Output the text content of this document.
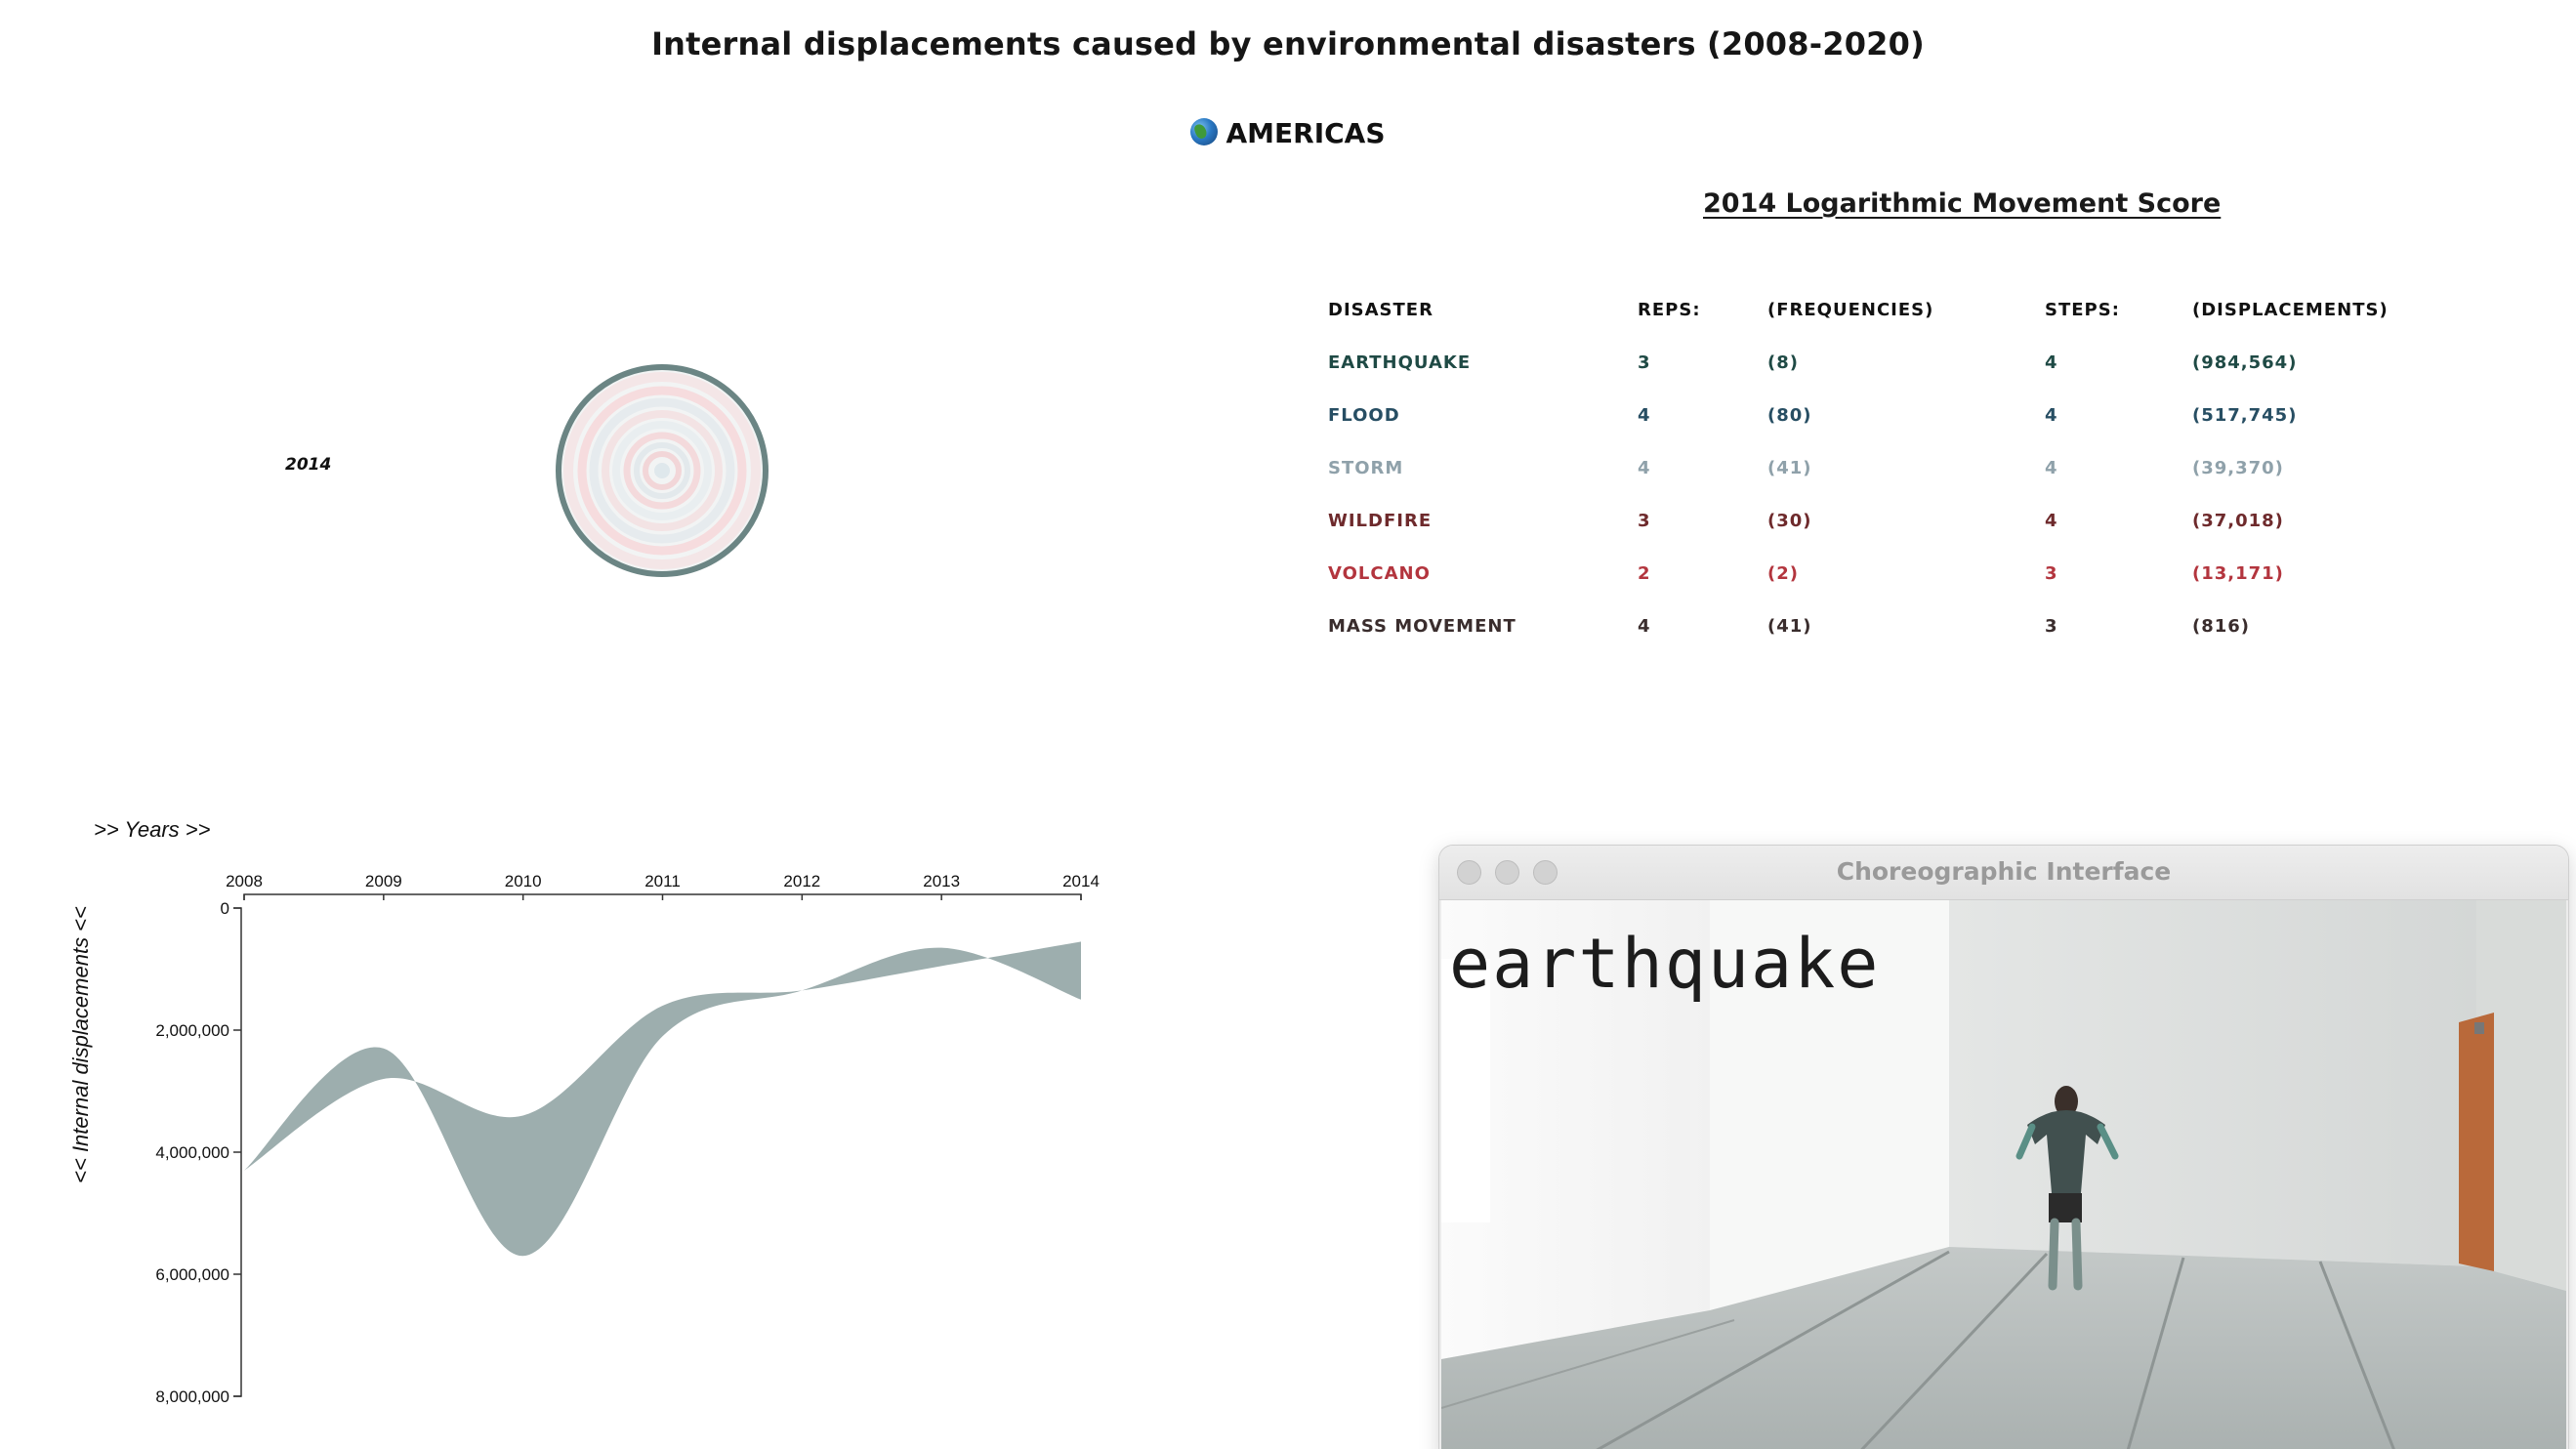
Internal displacements caused by environmental disasters (2008-2020)
AMERICAS
2014 Logarithmic Movement Score
DISASTER	REPS:	(FREQUENCIES)	STEPS:	(DISPLACEMENTS)
EARTHQUAKE	3	(8)	4	(984,564)
FLOOD	4	(80)	4	(517,745)
STORM	4	(41)	4	(39,370)
WILDFIRE	3	(30)	4	(37,018)
VOLCANO	2	(2)	3	(13,171)
MASS MOVEMENT	4	(41)	3	(816)
2014
>> Years >>
<< Internal displacements <<
2008	2009	2010	2011	2012	2013	2014
0
2,000,000
4,000,000
6,000,000
8,000,000
Choreographic Interface
earthquake
